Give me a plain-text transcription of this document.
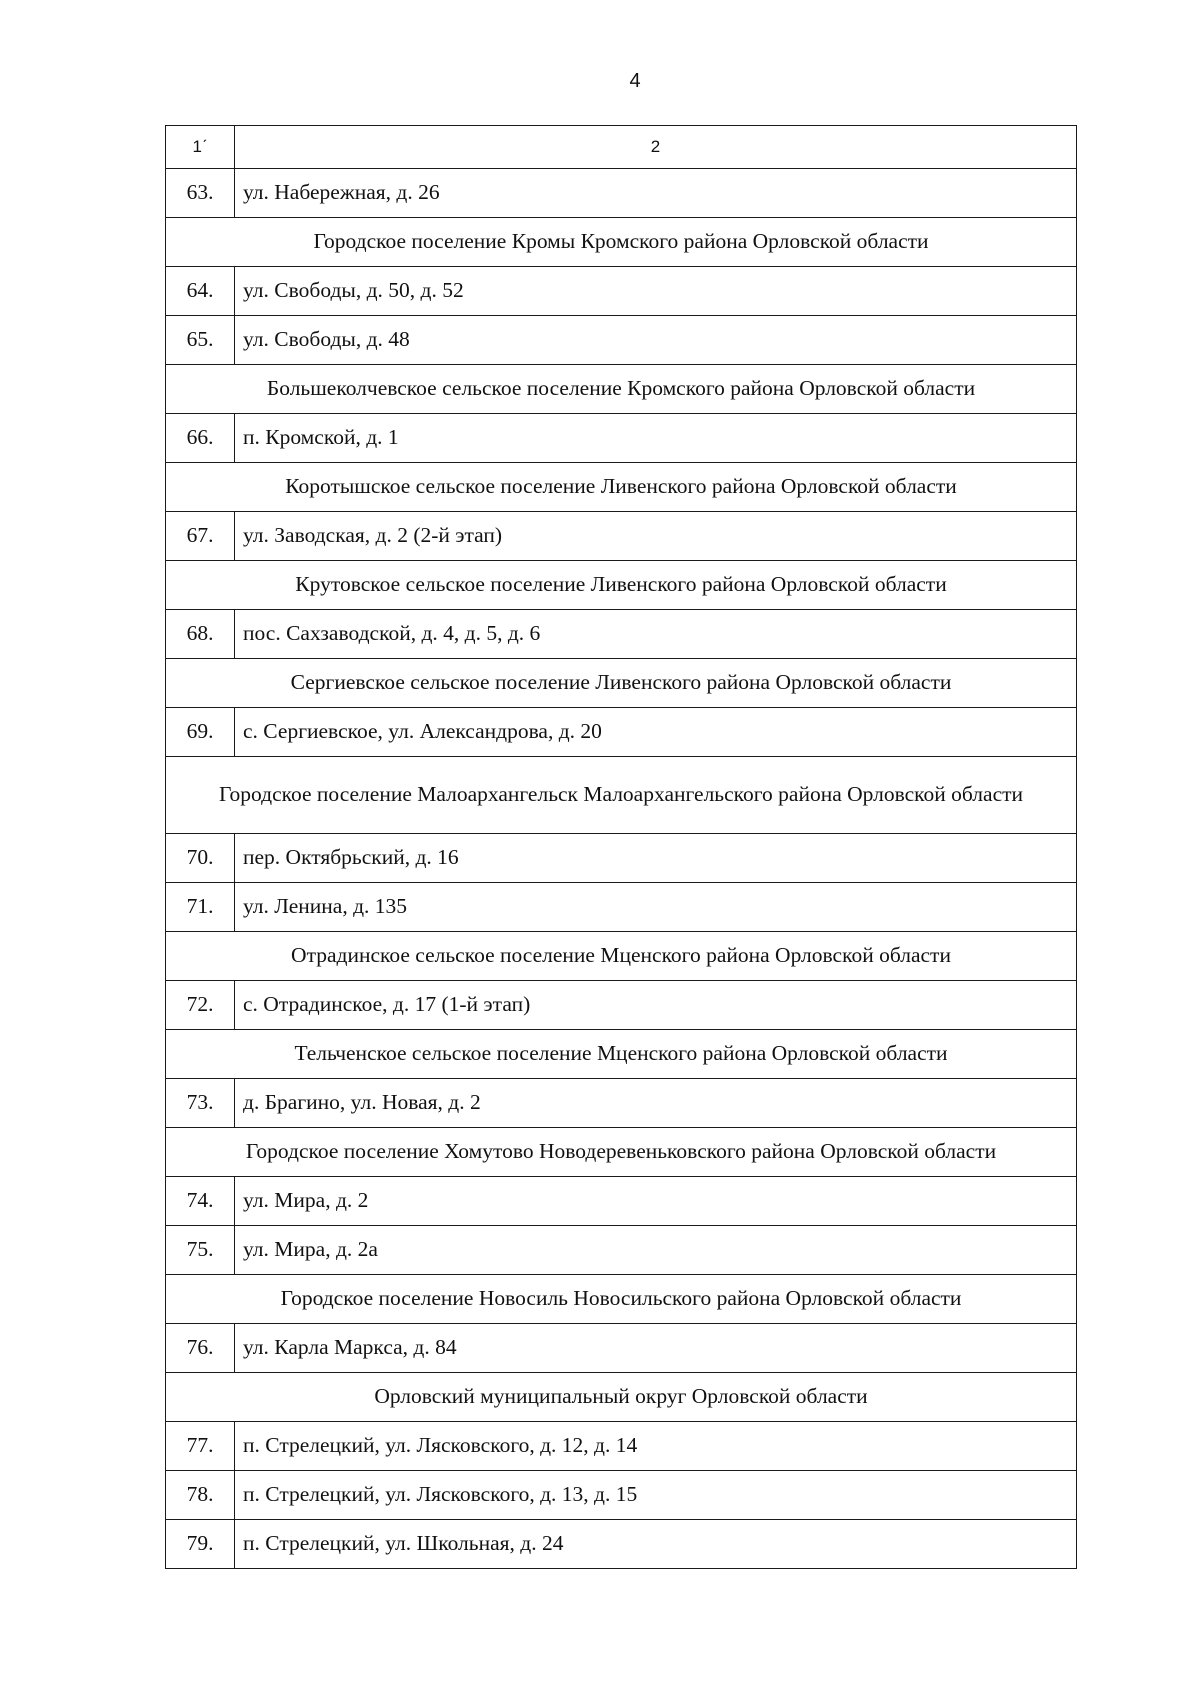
4
1ˊ	2
63.	ул. Набережная, д. 26
Городское поселение Кромы Кромского района Орловской области	
64.	ул. Свободы, д. 50, д. 52
65.	ул. Свободы, д. 48
Большеколчевское сельское поселение Кромского района Орловской области	
66.	п. Кромской, д. 1
Коротышское сельское поселение Ливенского района Орловской области	
67.	ул. Заводская, д. 2 (2-й этап)
Крутовское сельское поселение Ливенского района Орловской области	
68.	пос. Сахзаводской, д. 4, д. 5, д. 6
Сергиевское сельское поселение Ливенского района Орловской области	
69.	с. Сергиевское, ул. Александрова, д. 20
Городское поселение Малоархангельск Малоархангельского района Орловской области	
70.	пер. Октябрьский, д. 16
71.	ул. Ленина, д. 135
Отрадинское сельское поселение Мценского района Орловской области	
72.	с. Отрадинское, д. 17 (1-й этап)
Тельченское сельское поселение Мценского района Орловской области	
73.	д. Брагино, ул. Новая, д. 2
Городское поселение Хомутово Новодеревеньковского района Орловской области	
74.	ул. Мира, д. 2
75.	ул. Мира, д. 2а
Городское поселение Новосиль Новосильского района Орловской области	
76.	ул. Карла Маркса, д. 84
Орловский муниципальный округ Орловской области	
77.	п. Стрелецкий, ул. Лясковского, д. 12, д. 14
78.	п. Стрелецкий, ул. Лясковского, д. 13, д. 15
79.	п. Стрелецкий, ул. Школьная, д. 24
